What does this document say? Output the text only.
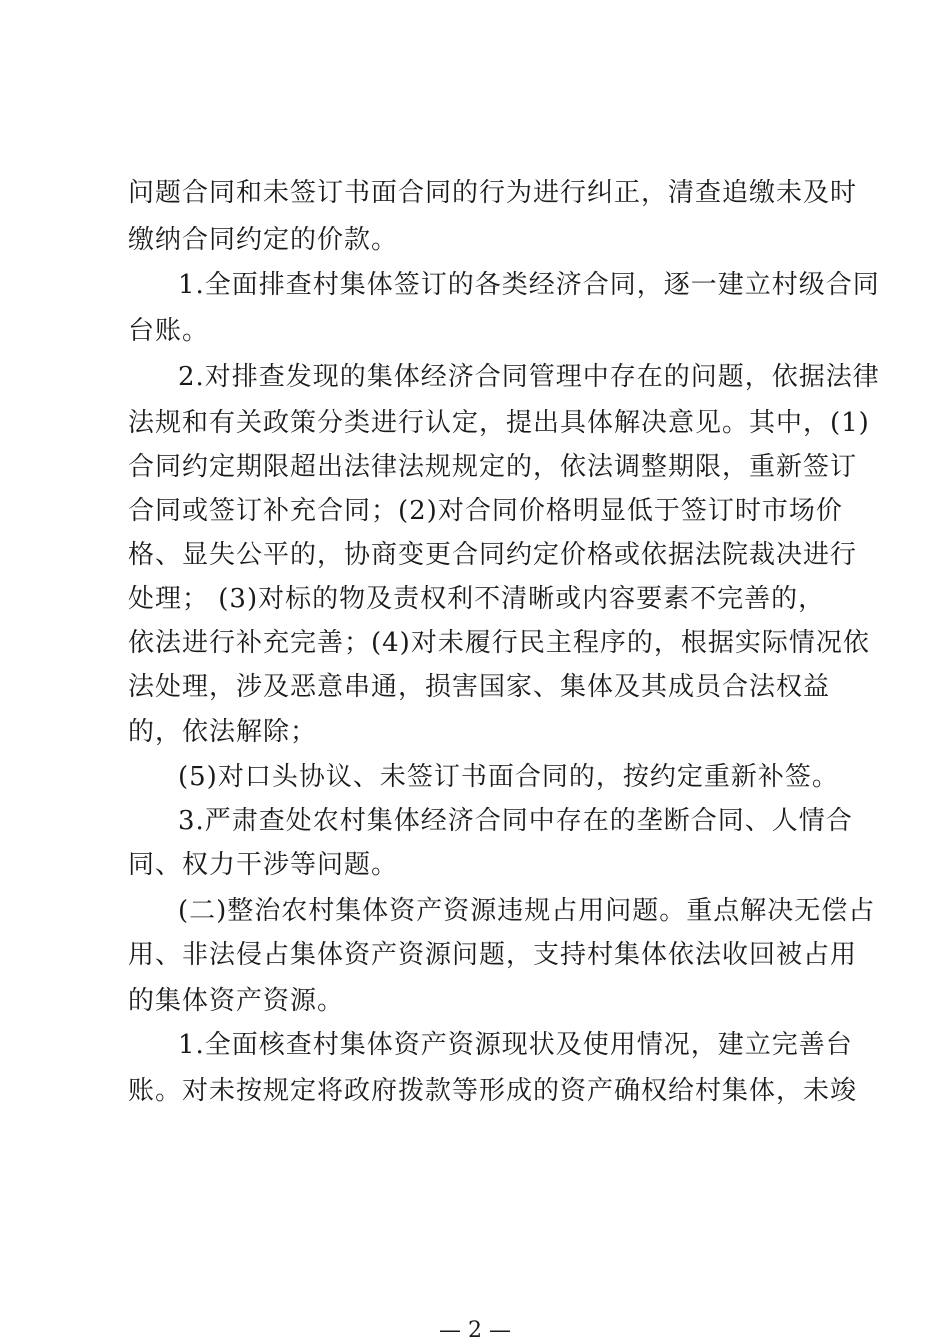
问题合同和未签订书面合同的行为进行纠正，清查追缴未及时
缴纳合同约定的价款。
1.全面排查村集体签订的各类经济合同，逐一建立村级合同
台账。
2.对排查发现的集体经济合同管理中存在的问题，依据法律
法规和有关政策分类进行认定，提出具体解决意见。其中，(1)
合同约定期限超出法律法规规定的，依法调整期限，重新签订
合同或签订补充合同；(2)对合同价格明显低于签订时市场价
格、显失公平的，协商变更合同约定价格或依据法院裁决进行
处理； (3)对标的物及责权利不清晰或内容要素不完善的，
依法进行补充完善；(4)对未履行民主程序的，根据实际情况依
法处理，涉及恶意串通，损害国家、集体及其成员合法权益
的，依法解除；
(5)对口头协议、未签订书面合同的，按约定重新补签。
3.严肃查处农村集体经济合同中存在的垄断合同、人情合
同、权力干涉等问题。
(二)整治农村集体资产资源违规占用问题。重点解决无偿占
用、非法侵占集体资产资源问题，支持村集体依法收回被占用
的集体资产资源。
1.全面核查村集体资产资源现状及使用情况，建立完善台
账。对未按规定将政府拨款等形成的资产确权给村集体，未竣
— 2 —
